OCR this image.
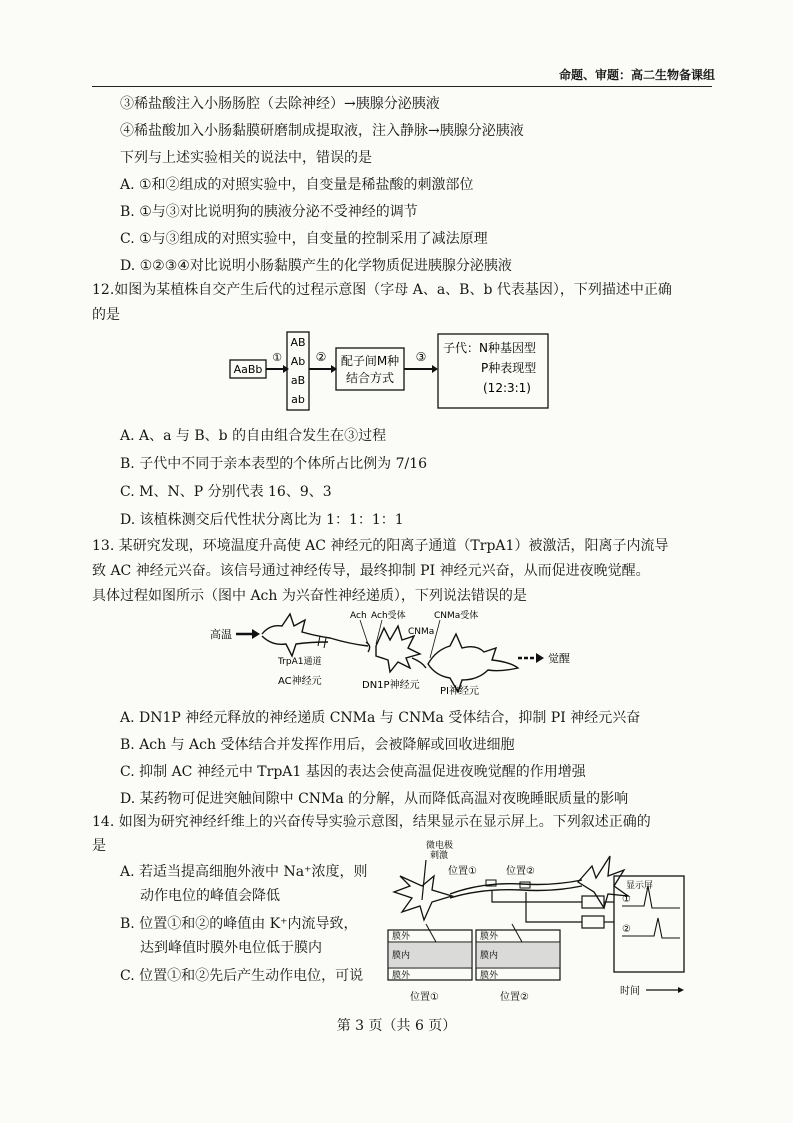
命题、审题：高二生物备课组
③稀盐酸注入小肠肠腔（去除神经）→胰腺分泌胰液
④稀盐酸加入小肠黏膜研磨制成提取液，注入静脉→胰腺分泌胰液
下列与上述实验相关的说法中，错误的是
A. ①和②组成的对照实验中，自变量是稀盐酸的刺激部位
B. ①与③对比说明狗的胰液分泌不受神经的调节
C. ①与③组成的对照实验中，自变量的控制采用了减法原理
D. ①②③④对比说明小肠黏膜产生的化学物质促进胰腺分泌胰液
12.如图为某植株自交产生后代的过程示意图（字母 A、a、B、b 代表基因），下列描述中正确
的是
AaBb
①
AB
Ab
aB
ab
② 配子间M种
结合方式
③
子代：N种基因型
P种表现型
(12:3:1)
A. A、a 与 B、b 的自由组合发生在③过程
B. 子代中不同于亲本表型的个体所占比例为 7/16
C. M、N、P 分别代表 16、9、3
D. 该植株测交后代性状分离比为 1：1：1：1
13. 某研究发现，环境温度升高使 AC 神经元的阳离子通道（TrpA1）被激活，阳离子内流导
致 AC 神经元兴奋。该信号通过神经传导，最终抑制 PI 神经元兴奋，从而促进夜晚觉醒。
具体过程如图所示（图中 Ach 为兴奋性神经递质），下列说法错误的是
高温
TrpA1通道
AC神经元
Ach Ach受体
DN1P神经元
CNMa
CNMa受体
PI神经元
觉醒
A. DN1P 神经元释放的神经递质 CNMa 与 CNMa 受体结合，抑制 PI 神经元兴奋
B. Ach 与 Ach 受体结合并发挥作用后，会被降解或回收进细胞
C. 抑制 AC 神经元中 TrpA1 基因的表达会使高温促进夜晚觉醒的作用增强
D. 某药物可促进突触间隙中 CNMa 的分解，从而降低高温对夜晚睡眠质量的影响
14. 如图为研究神经纤维上的兴奋传导实验示意图，结果显示在显示屏上。下列叙述正确的
是
A. 若适当提高细胞外液中 Na⁺浓度，则
动作电位的峰值会降低
B. 位置①和②的峰值由 K⁺内流导致，
达到峰值时膜外电位低于膜内
C. 位置①和②先后产生动作电位，可说
微电极
刺激
位置①	位置②
显示屏
①
②
时间
膜外
膜内
膜外
膜外
膜内
膜外
位置①	位置②
第 3 页（共 6 页）
